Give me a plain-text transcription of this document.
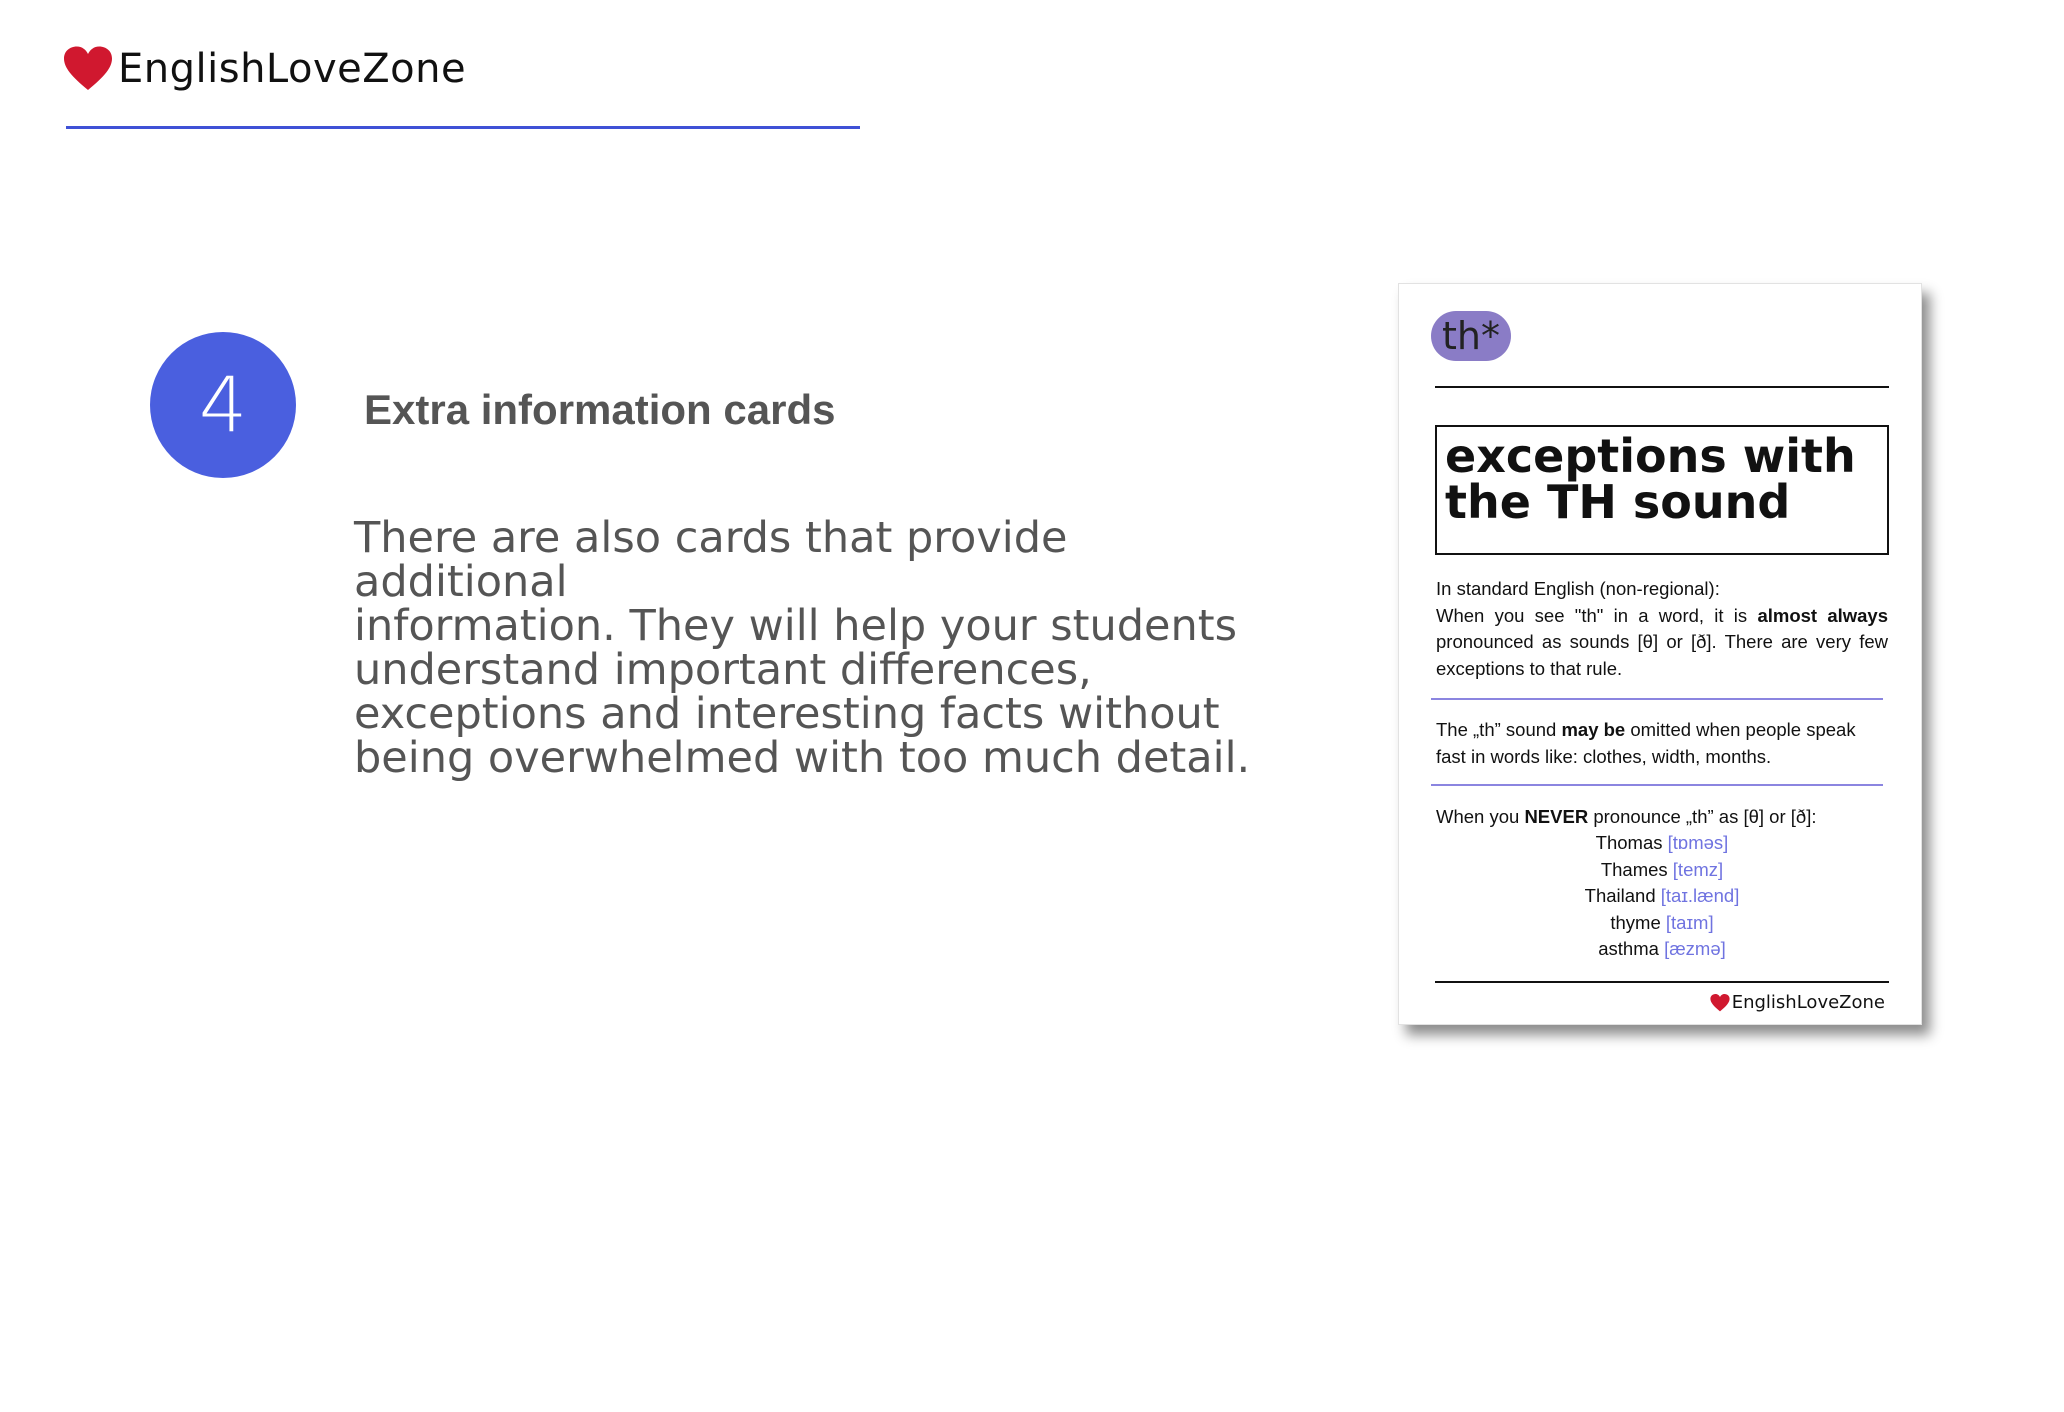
EnglishLoveZone
4	Extra information cards
There are also cards that provide additional
information. They will help your students
understand important differences,
exceptions and interesting facts without
being overwhelmed with too much detail.
th*
exceptions with
the TH sound
In standard English (non-regional):
When you see "th" in a word, it is almost always pronounced as sounds [θ] or [ð]. There are very few exceptions to that rule.
The „th” sound may be omitted when people speak fast in words like: clothes, width, months.
When you NEVER pronounce „th” as [θ] or [ð]:
Thomas [tɒməs]
Thames [temz]
Thailand [taɪ.lænd]
thyme [taɪm]
asthma [æzmə]
EnglishLoveZone
